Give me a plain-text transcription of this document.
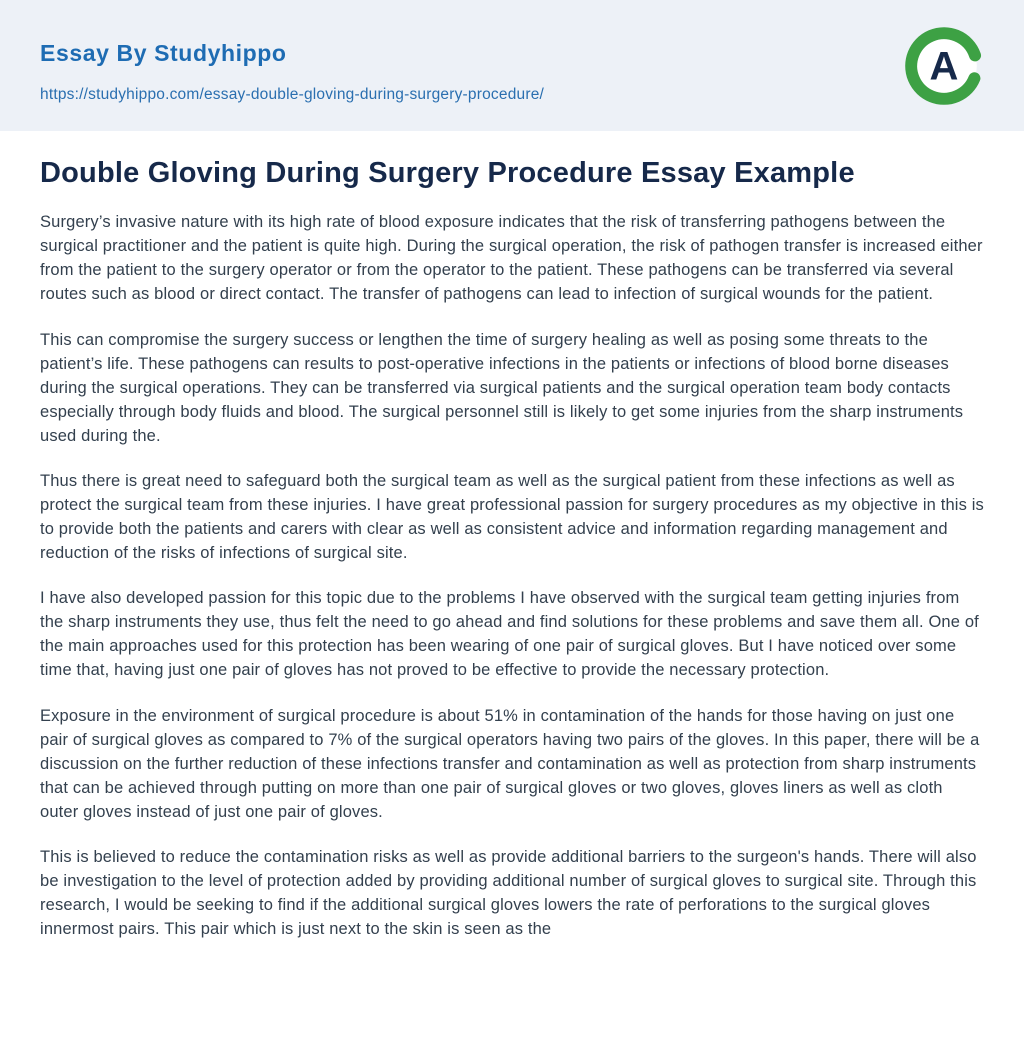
Essay By Studyhippo
https://studyhippo.com/essay-double-gloving-during-surgery-procedure/
A
Double Gloving During Surgery Procedure Essay Example

Surgery’s invasive nature with its high rate of blood exposure indicates that the risk of transferring pathogens between the surgical practitioner and the patient is quite high. During the surgical operation, the risk of pathogen transfer is increased either from the patient to the surgery operator or from the operator to the patient. These pathogens can be transferred via several routes such as blood or direct contact. The transfer of pathogens can lead to infection of surgical wounds for the patient.

This can compromise the surgery success or lengthen the time of surgery healing as well as posing some threats to the patient’s life. These pathogens can results to post-operative infections in the patients or infections of blood borne diseases during the surgical operations. They can be transferred via surgical patients and the surgical operation team body contacts especially through body fluids and blood. The surgical personnel still is likely to get some injuries from the sharp instruments used during the.

Thus there is great need to safeguard both the surgical team as well as the surgical patient from these infections as well as protect the surgical team from these injuries. I have great professional passion for surgery procedures as my objective in this is to provide both the patients and carers with clear as well as consistent advice and information regarding management and reduction of the risks of infections of surgical site.

I have also developed passion for this topic due to the problems I have observed with the surgical team getting injuries from the sharp instruments they use, thus felt the need to go ahead and find solutions for these problems and save them all. One of the main approaches used for this protection has been wearing of one pair of surgical gloves. But I have noticed over some time that, having just one pair of gloves has not proved to be effective to provide the necessary protection.

Exposure in the environment of surgical procedure is about 51% in contamination of the hands for those having on just one pair of surgical gloves as compared to 7% of the surgical operators having two pairs of the gloves. In this paper, there will be a discussion on the further reduction of these infections transfer and contamination as well as protection from sharp instruments that can be achieved through putting on more than one pair of surgical gloves or two gloves, gloves liners as well as cloth outer gloves instead of just one pair of gloves.

This is believed to reduce the contamination risks as well as provide additional barriers to the surgeon's hands. There will also be investigation to the level of protection added by providing additional number of surgical gloves to surgical site. Through this research, I would be seeking to find if the additional surgical gloves lowers the rate of perforations to the surgical gloves innermost pairs. This pair which is just next to the skin is seen as the
